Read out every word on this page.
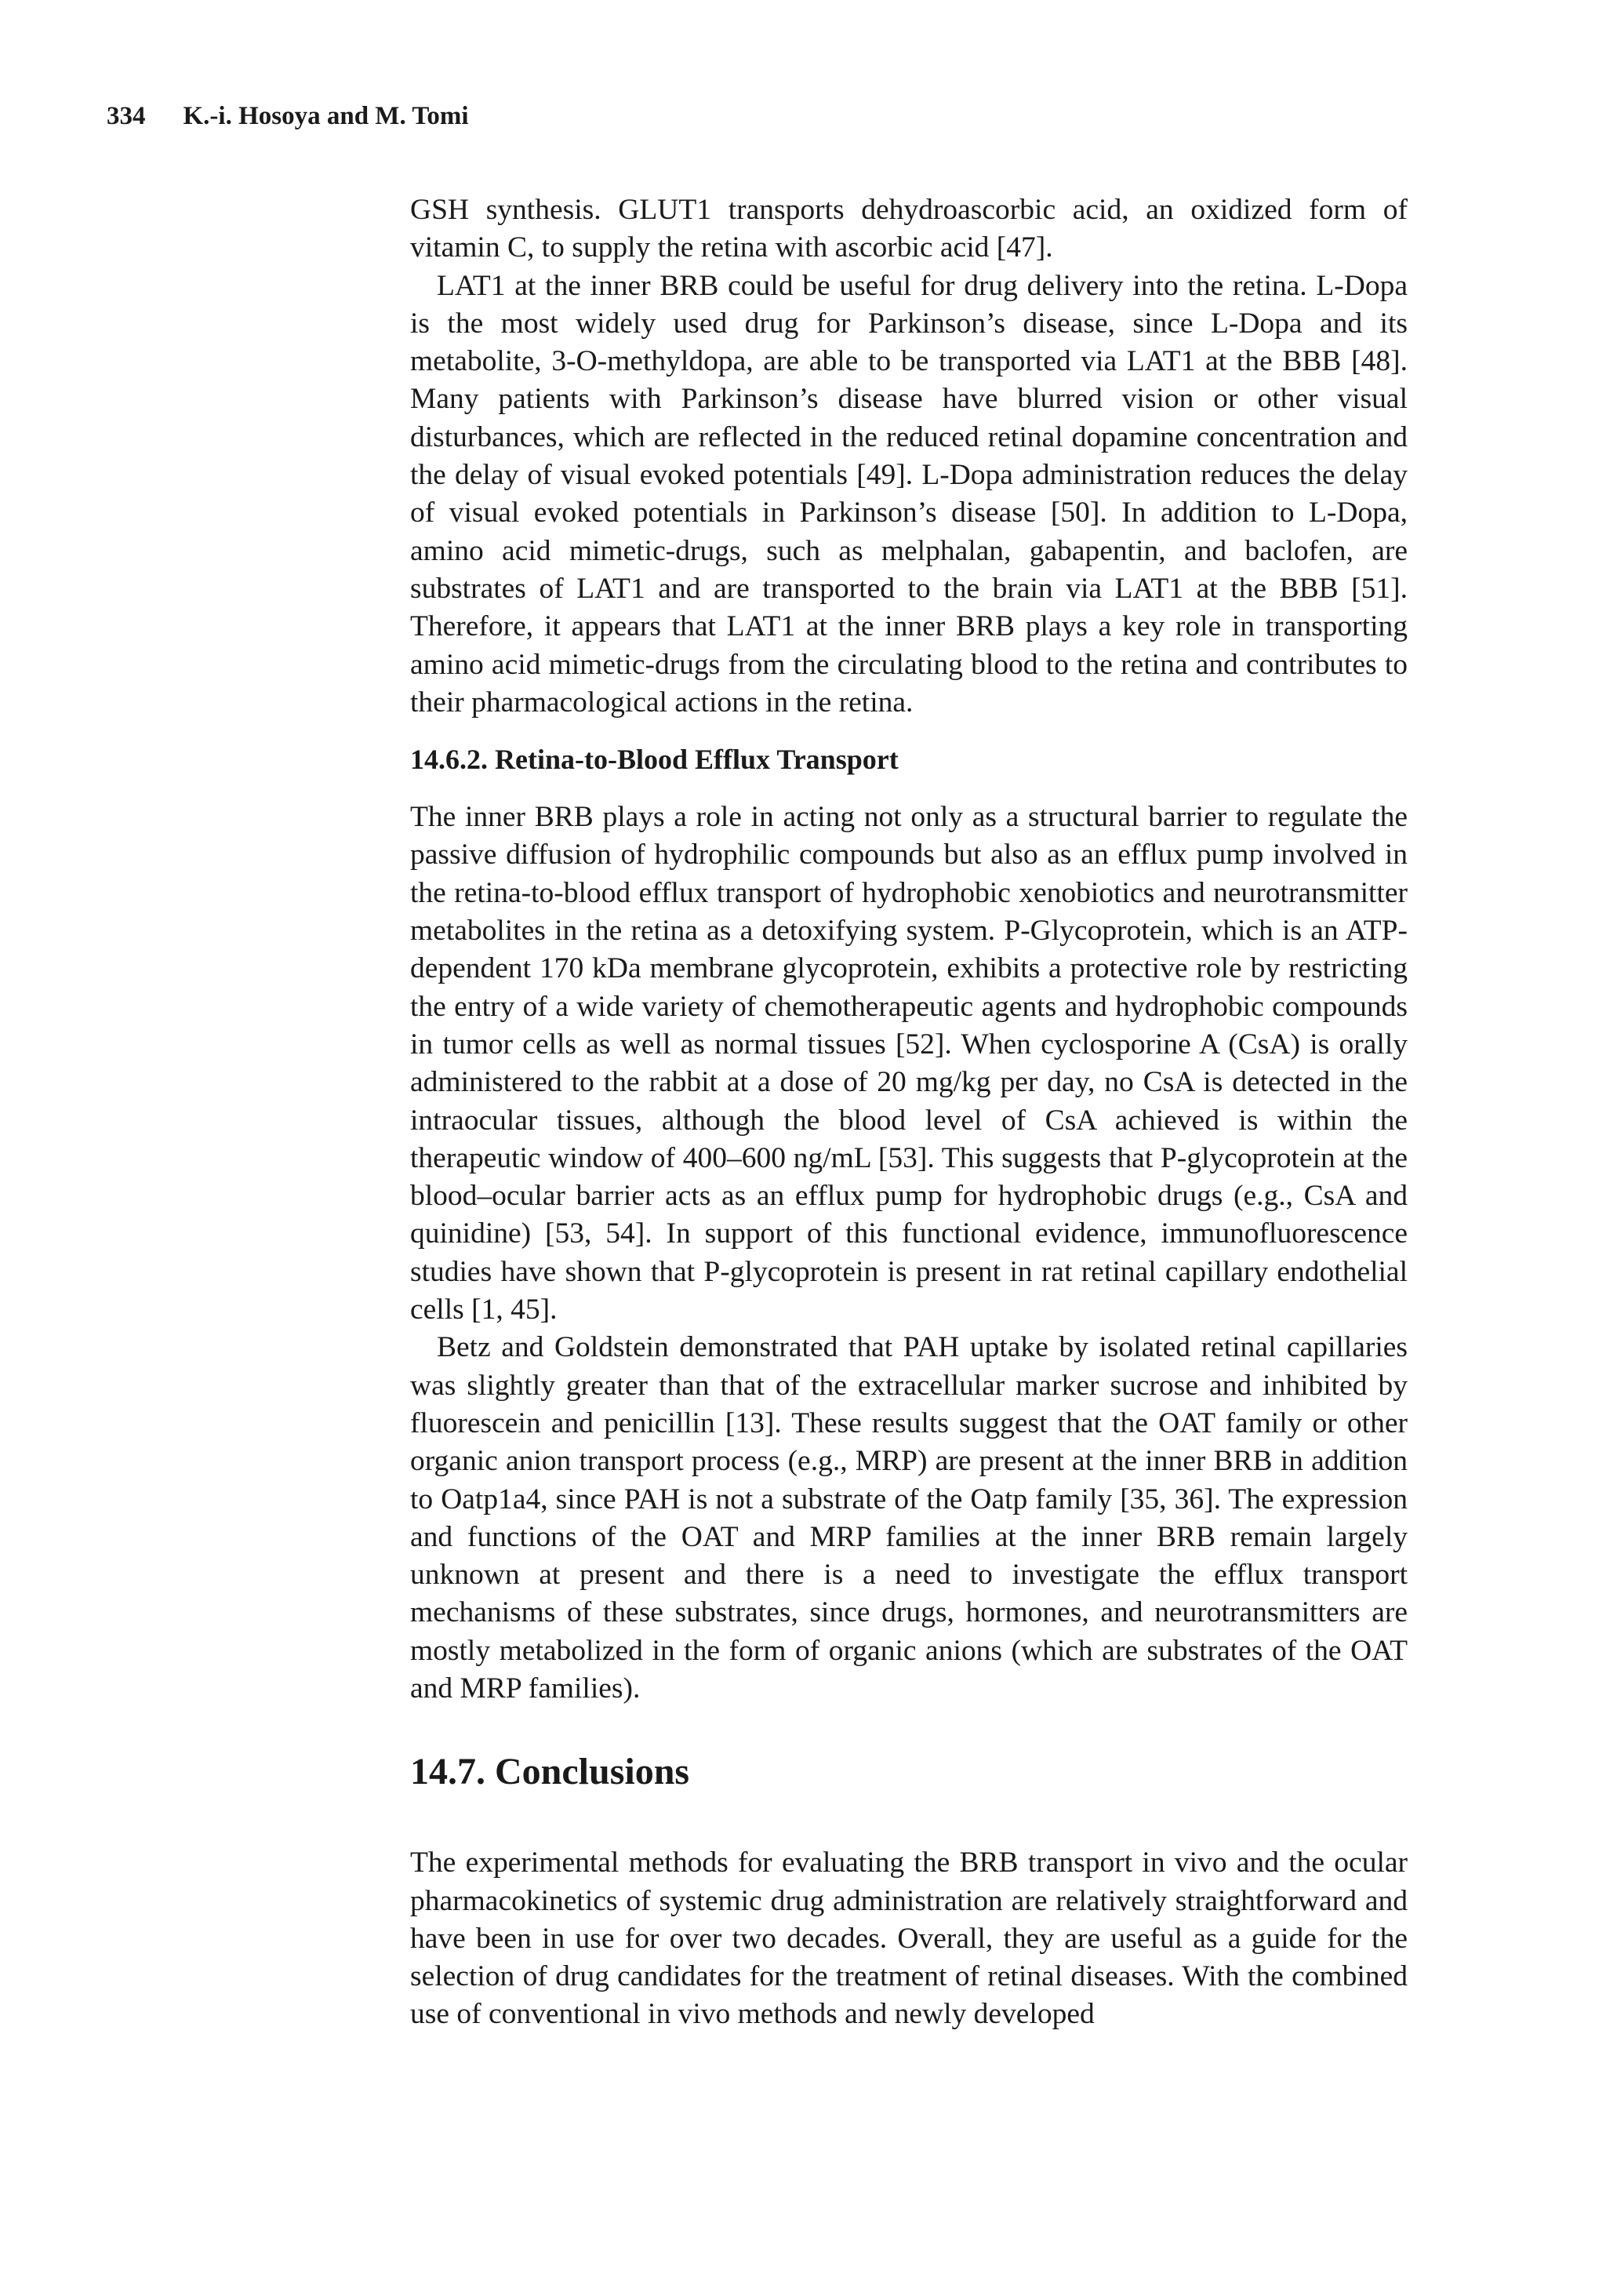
334 K.-i. Hosoya and M. Tomi

GSH synthesis. GLUT1 transports dehydroascorbic acid, an oxidized form of vitamin C, to supply the retina with ascorbic acid [47].

LAT1 at the inner BRB could be useful for drug delivery into the retina. L-Dopa is the most widely used drug for Parkinson’s disease, since L-Dopa and its metabolite, 3-O-methyldopa, are able to be transported via LAT1 at the BBB [48]. Many patients with Parkinson’s disease have blurred vision or other visual disturbances, which are reflected in the reduced retinal dopamine concentration and the delay of visual evoked potentials [49]. L-Dopa administration reduces the delay of visual evoked potentials in Parkinson’s disease [50]. In addition to L-Dopa, amino acid mimetic-drugs, such as melphalan, gabapentin, and baclofen, are substrates of LAT1 and are transported to the brain via LAT1 at the BBB [51]. Therefore, it appears that LAT1 at the inner BRB plays a key role in transporting amino acid mimetic-drugs from the circulating blood to the retina and contributes to their pharmacological actions in the retina.

14.6.2. Retina-to-Blood Efflux Transport

The inner BRB plays a role in acting not only as a structural barrier to regulate the passive diffusion of hydrophilic compounds but also as an efflux pump involved in the retina-to-blood efflux transport of hydrophobic xenobiotics and neurotransmitter metabolites in the retina as a detoxifying system. P-Glycoprotein, which is an ATP-dependent 170 kDa membrane glycoprotein, exhibits a protective role by restricting the entry of a wide variety of chemotherapeutic agents and hydrophobic compounds in tumor cells as well as normal tissues [52]. When cyclosporine A (CsA) is orally administered to the rabbit at a dose of 20 mg/kg per day, no CsA is detected in the intraocular tissues, although the blood level of CsA achieved is within the therapeutic window of 400–600 ng/mL [53]. This suggests that P-glycoprotein at the blood–ocular barrier acts as an efflux pump for hydrophobic drugs (e.g., CsA and quinidine) [53, 54]. In support of this functional evidence, immunofluorescence studies have shown that P-glycoprotein is present in rat retinal capillary endothelial cells [1, 45].

Betz and Goldstein demonstrated that PAH uptake by isolated retinal capillaries was slightly greater than that of the extracellular marker sucrose and inhibited by fluorescein and penicillin [13]. These results suggest that the OAT family or other organic anion transport process (e.g., MRP) are present at the inner BRB in addition to Oatp1a4, since PAH is not a substrate of the Oatp family [35, 36]. The expression and functions of the OAT and MRP families at the inner BRB remain largely unknown at present and there is a need to investigate the efflux transport mechanisms of these substrates, since drugs, hormones, and neurotransmitters are mostly metabolized in the form of organic anions (which are substrates of the OAT and MRP families).

14.7. Conclusions

The experimental methods for evaluating the BRB transport in vivo and the ocular pharmacokinetics of systemic drug administration are relatively straightforward and have been in use for over two decades. Overall, they are useful as a guide for the selection of drug candidates for the treatment of retinal diseases. With the combined use of conventional in vivo methods and newly developed
